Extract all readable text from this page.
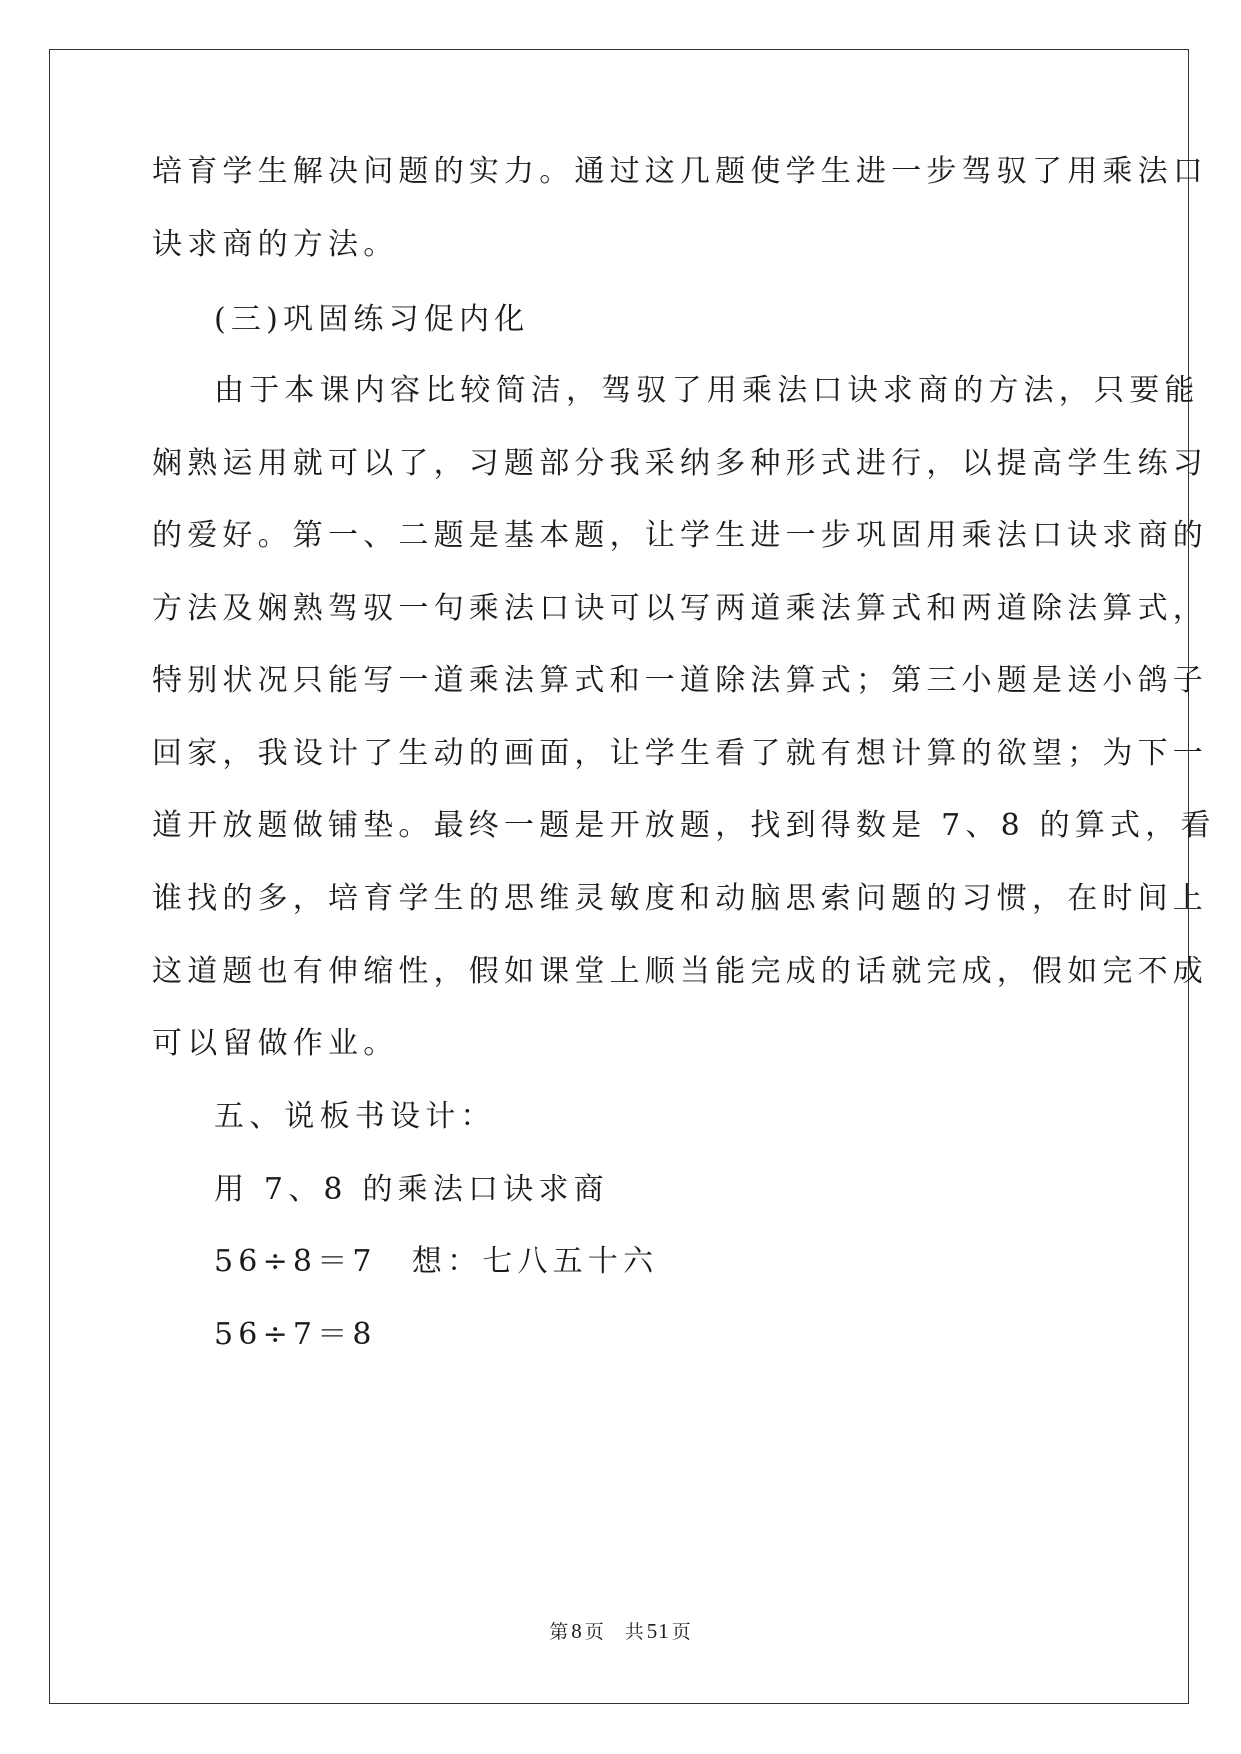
培育学生解决问题的实力。通过这几题使学生进一步驾驭了用乘法口
诀求商的方法。
(三)巩固练习促内化
由于本课内容比较简洁，驾驭了用乘法口诀求商的方法，只要能
娴熟运用就可以了，习题部分我采纳多种形式进行，以提高学生练习
的爱好。第一、二题是基本题，让学生进一步巩固用乘法口诀求商的
方法及娴熟驾驭一句乘法口诀可以写两道乘法算式和两道除法算式，
特别状况只能写一道乘法算式和一道除法算式；第三小题是送小鸽子
回家，我设计了生动的画面，让学生看了就有想计算的欲望；为下一
道开放题做铺垫。最终一题是开放题，找到得数是 7、8 的算式，看
谁找的多，培育学生的思维灵敏度和动脑思索问题的习惯，在时间上
这道题也有伸缩性，假如课堂上顺当能完成的话就完成，假如完不成
可以留做作业。
五、说板书设计：
用 7、8 的乘法口诀求商
56÷8＝7　想：七八五十六
56÷7＝8
第8 页　共51 页
